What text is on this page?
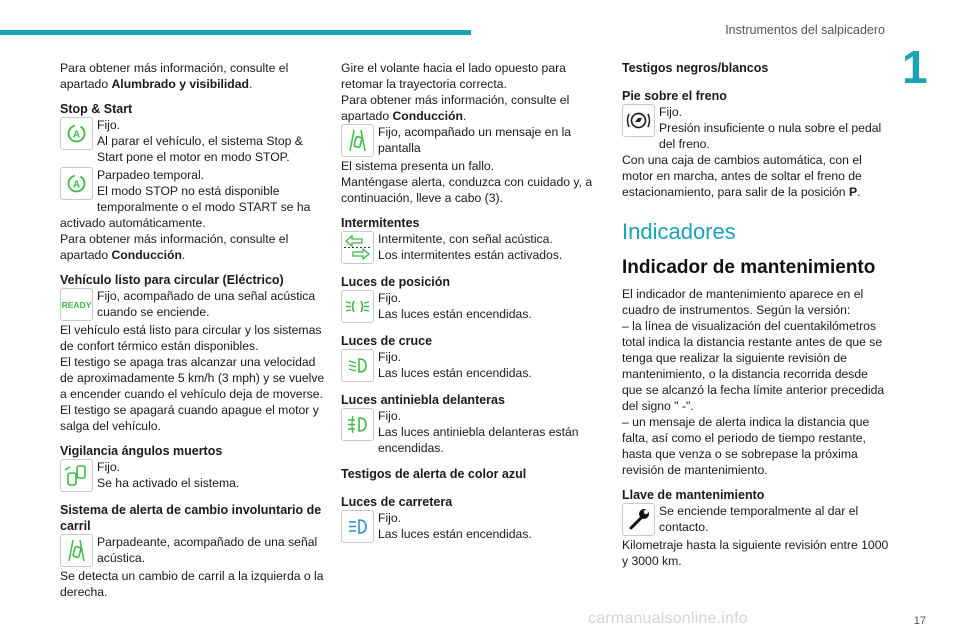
Instrumentos del salpicadero
1

Para obtener más información, consulte el apartado Alumbrado y visibilidad.

Stop & Start
A
Fijo.
Al parar el vehículo, el sistema Stop & Start pone el motor en modo STOP.
A
Parpadeo temporal.
El modo STOP no está disponible temporalmente o el modo START se ha activado automáticamente.

Para obtener más información, consulte el apartado Conducción.

Vehículo listo para circular (Eléctrico)
READY
Fijo, acompañado de una señal acústica cuando se enciende.

El vehículo está listo para circular y los sistemas de confort térmico están disponibles.

El testigo se apaga tras alcanzar una velocidad de aproximadamente 5 km/h (3 mph) y se vuelve a encender cuando el vehículo deja de moverse.

El testigo se apagará cuando apague el motor y salga del vehículo.

Vigilancia ángulos muertos
Fijo.
Se ha activado el sistema.
Sistema de alerta de cambio involuntario de carril
Parpadeante, acompañado de una señal acústica.

Se detecta un cambio de carril a la izquierda o la derecha.

Gire el volante hacia el lado opuesto para retomar la trayectoria correcta.

Para obtener más información, consulte el apartado Conducción.

Fijo, acompañado un mensaje en la pantalla

El sistema presenta un fallo.

Manténgase alerta, conduzca con cuidado y, a continuación, lleve a cabo (3).

Intermitentes
Intermitente, con señal acústica.
Los intermitentes están activados.
Luces de posición
Fijo.
Las luces están encendidas.
Luces de cruce
Fijo.
Las luces están encendidas.
Luces antiniebla delanteras
Fijo.
Las luces antiniebla delanteras están encendidas.
Testigos de alerta de color azul
Luces de carretera
Fijo.
Las luces están encendidas.
Testigos negros/blancos
Pie sobre el freno
Fijo.
Presión insuficiente o nula sobre el pedal del freno.

Con una caja de cambios automática, con el motor en marcha, antes de soltar el freno de estacionamiento, para salir de la posición P.

Indicadores
Indicador de mantenimiento

El indicador de mantenimiento aparece en el cuadro de instrumentos. Según la versión:

– la línea de visualización del cuentakilómetros total indica la distancia restante antes de que se tenga que realizar la siguiente revisión de mantenimiento, o la distancia recorrida desde que se alcanzó la fecha límite anterior precedida del signo " -".

– un mensaje de alerta indica la distancia que falta, así como el periodo de tiempo restante, hasta que venza o se sobrepase la próxima revisión de mantenimiento.

Llave de mantenimiento
Se enciende temporalmente al dar el contacto.

Kilometraje hasta la siguiente revisión entre 1000 y 3000 km.

carmanualsonline.info	17
